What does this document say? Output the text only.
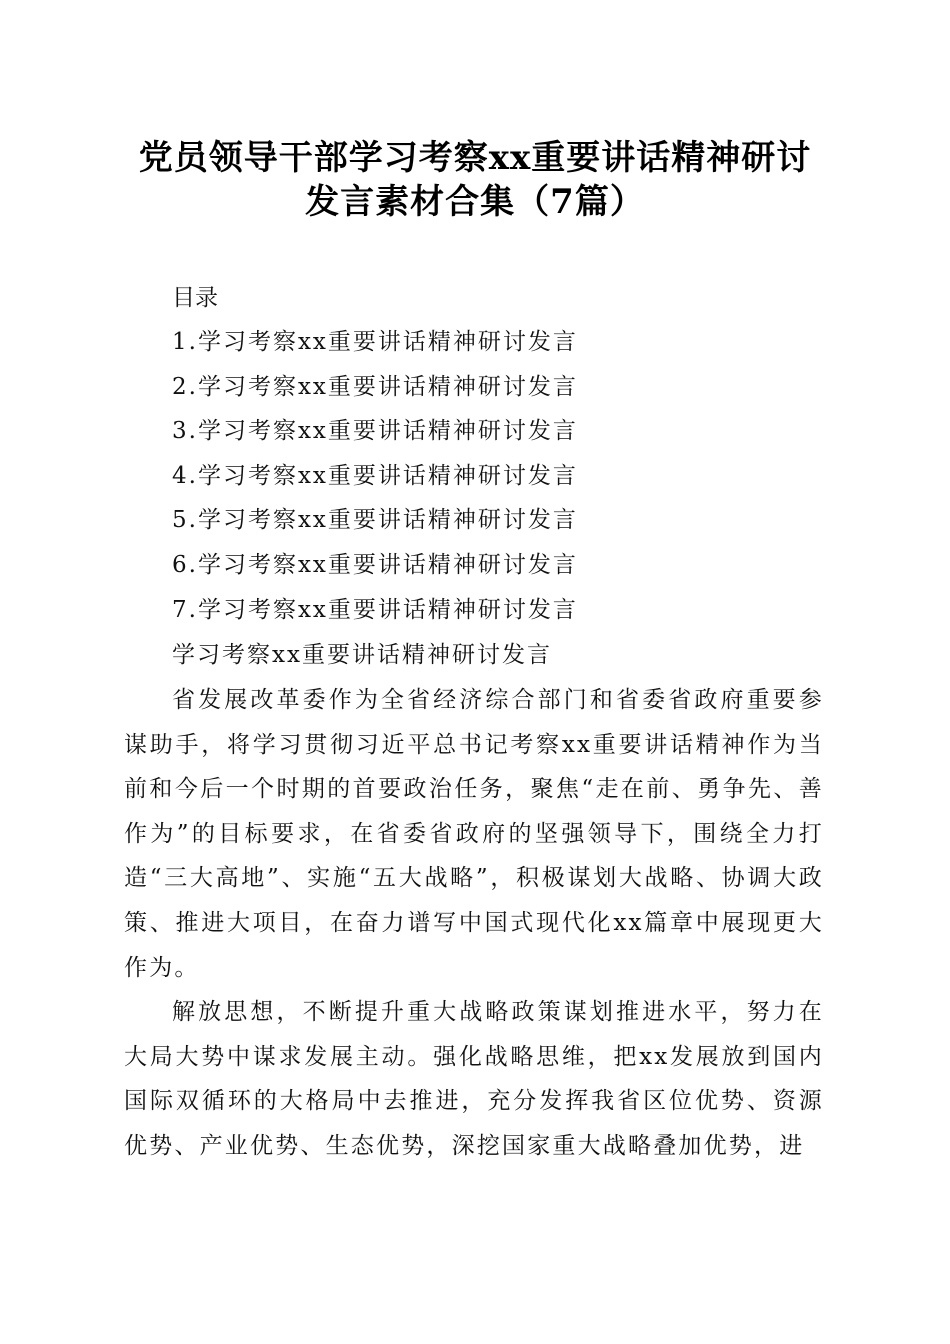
党员领导干部学习考察xx重要讲话精神研讨
发言素材合集（7篇）
目录
1.学习考察xx重要讲话精神研讨发言
2.学习考察xx重要讲话精神研讨发言
3.学习考察xx重要讲话精神研讨发言
4.学习考察xx重要讲话精神研讨发言
5.学习考察xx重要讲话精神研讨发言
6.学习考察xx重要讲话精神研讨发言
7.学习考察xx重要讲话精神研讨发言
学习考察xx重要讲话精神研讨发言

省发展改革委作为全省经济综合部门和省委省政府重要参谋助手，将学习贯彻习近平总书记考察xx重要讲话精神作为当前和今后一个时期的首要政治任务，聚焦“走在前、勇争先、善作为”的目标要求，在省委省政府的坚强领导下，围绕全力打造“三大高地”、实施“五大战略”，积极谋划大战略、协调大政策、推进大项目，在奋力谱写中国式现代化xx篇章中展现更大作为。

解放思想，不断提升重大战略政策谋划推进水平，努力在大局大势中谋求发展主动。强化战略思维，把xx发展放到国内国际双循环的大格局中去推进，充分发挥我省区位优势、资源优势、产业优势、生态优势，深挖国家重大战略叠加优势，进
